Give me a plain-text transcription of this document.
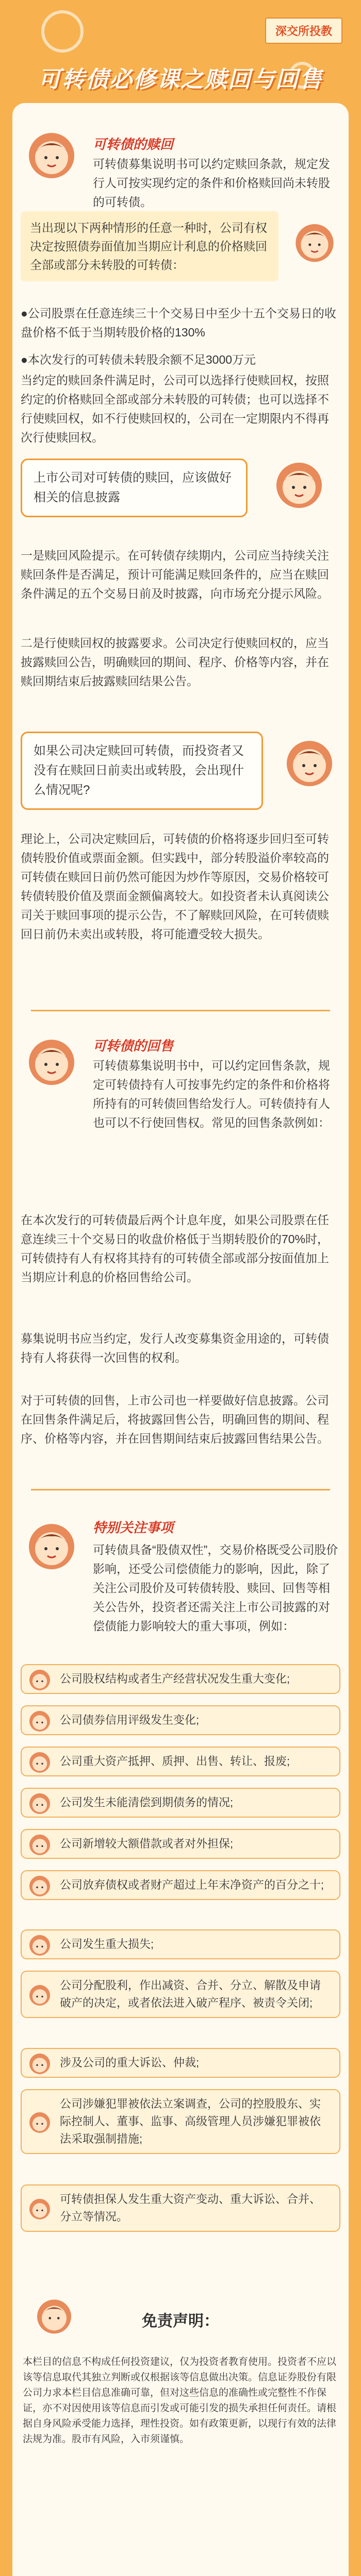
深交所投教
可转债必修课之赎回与回售
可转债的赎回
可转债募集说明书可以约定赎回条款，规定发行人可按实现约定的条件和价格赎回尚未转股的可转债。
当出现以下两种情形的任意一种时，公司有权决定按照债券面值加当期应计利息的价格赎回全部或部分未转股的可转债：
●公司股票在任意连续三十个交易日中至少十五个交易日的收盘价格不低于当期转股价格的130%
●本次发行的可转债未转股余额不足3000万元
当约定的赎回条件满足时，公司可以选择行使赎回权，按照约定的价格赎回全部或部分未转股的可转债；也可以选择不行使赎回权，如不行使赎回权的，公司在一定期限内不得再次行使赎回权。
上市公司对可转债的赎回，应该做好相关的信息披露
一是赎回风险提示。在可转债存续期内，公司应当持续关注赎回条件是否满足，预计可能满足赎回条件的，应当在赎回条件满足的五个交易日前及时披露，向市场充分提示风险。
二是行使赎回权的披露要求。公司决定行使赎回权的，应当披露赎回公告，明确赎回的期间、程序、价格等内容，并在赎回期结束后披露赎回结果公告。
如果公司决定赎回可转债，而投资者又没有在赎回日前卖出或转股，会出现什么情况呢?
理论上，公司决定赎回后，可转债的价格将逐步回归至可转债转股价值或票面金额。但实践中，部分转股溢价率较高的可转债在赎回日前仍然可能因为炒作等原因，交易价格较可转债转股价值及票面金额偏离较大。如投资者未认真阅读公司关于赎回事项的提示公告，不了解赎回风险，在可转债赎回日前仍未卖出或转股，将可能遭受较大损失。
可转债的回售
可转债募集说明书中，可以约定回售条款，规定可转债持有人可按事先约定的条件和价格将所持有的可转债回售给发行人。可转债持有人也可以不行使回售权。常见的回售条款例如：
在本次发行的可转债最后两个计息年度，如果公司股票在任意连续三十个交易日的收盘价格低于当期转股价的70%时，可转债持有人有权将其持有的可转债全部或部分按面值加上当期应计利息的价格回售给公司。
募集说明书应当约定，发行人改变募集资金用途的，可转债持有人将获得一次回售的权利。
对于可转债的回售，上市公司也一样要做好信息披露。公司在回售条件满足后，将披露回售公告，明确回售的期间、程序、价格等内容，并在回售期间结束后披露回售结果公告。
特别关注事项
可转债具备“股债双性”，交易价格既受公司股价影响，还受公司偿债能力的影响，因此，除了关注公司股价及可转债转股、赎回、回售等相关公告外，投资者还需关注上市公司披露的对偿债能力影响较大的重大事项，例如：
公司股权结构或者生产经营状况发生重大变化;
公司债券信用评级发生变化;
公司重大资产抵押、质押、出售、转让、报废;
公司发生未能清偿到期债务的情况;
公司新增较大额借款或者对外担保;
公司放弃债权或者财产超过上年末净资产的百分之十;
公司发生重大损失;
公司分配股利，作出减资、合并、分立、解散及申请破产的决定，或者依法进入破产程序、被责令关闭;
涉及公司的重大诉讼、仲裁;
公司涉嫌犯罪被依法立案调查，公司的控股股东、实际控制人、董事、监事、高级管理人员涉嫌犯罪被依法采取强制措施;
可转债担保人发生重大资产变动、重大诉讼、合并、分立等情况。
免责声明：
本栏目的信息不构成任何投资建议，仅为投资者教育使用。投资者不应以该等信息取代其独立判断或仅根据该等信息做出决策。信息证券股份有限公司力求本栏目信息准确可靠，但对这些信息的准确性或完整性不作保证，亦不对因使用该等信息而引发或可能引发的损失承担任何责任。请根据自身风险承受能力选择，理性投资。如有政策更新，以现行有效的法律法规为准。股市有风险，入市须谨慎。
